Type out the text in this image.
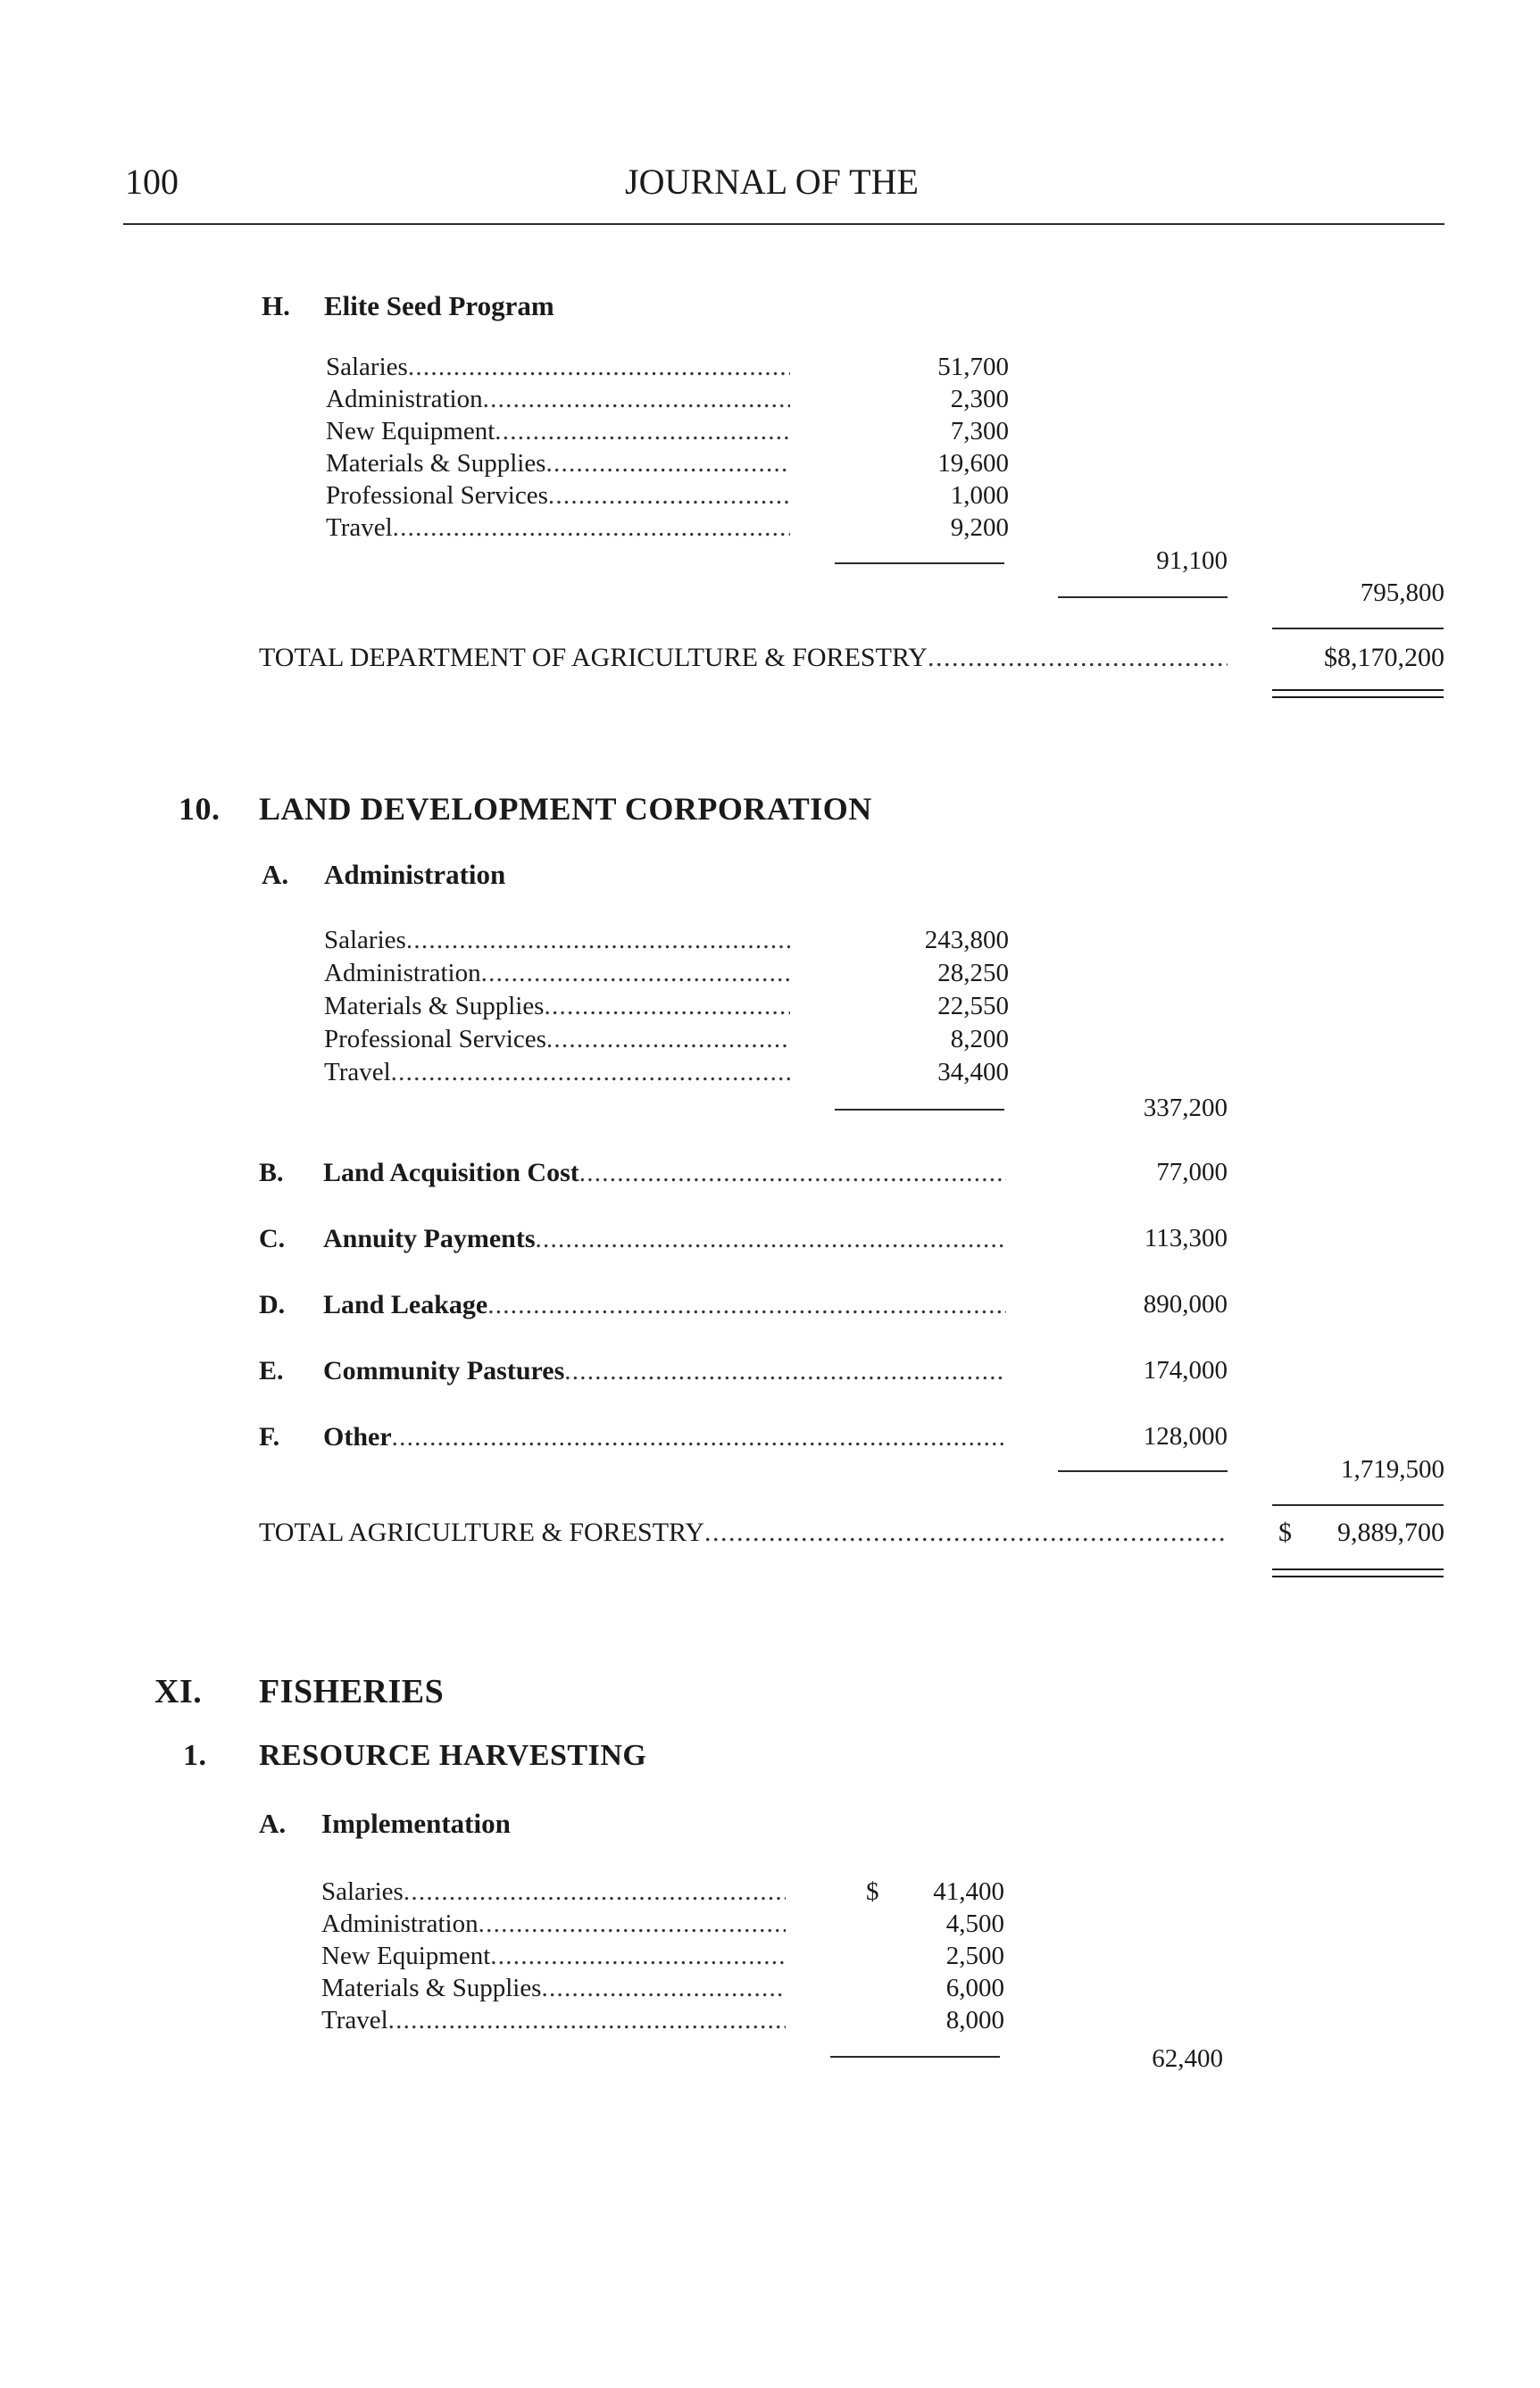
100	JOURNAL OF THE
H. Elite Seed Program
Salaries . . .	51,700
Administration . . .	2,300
New Equipment . . .	7,300
Materials & Supplies . . .	19,600
Professional Services . . .	1,000
Travel . . .	9,200
91,100
795,800
TOTAL DEPARTMENT OF AGRICULTURE & FORESTRY . . .	$8,170,200
10. LAND DEVELOPMENT CORPORATION
A. Administration
Salaries . . .	243,800
Administration . . .	28,250
Materials & Supplies . . .	22,550
Professional Services . . .	8,200
Travel . . .	34,400
337,200
B. Land Acquisition Cost . . .	77,000
C. Annuity Payments . . .	113,300
D. Land Leakage . . .	890,000
E. Community Pastures . . .	174,000
F. Other . . .	128,000
1,719,500
TOTAL AGRICULTURE & FORESTRY . . .	$ 9,889,700
XI. FISHERIES
1. RESOURCE HARVESTING
A. Implementation
$
Salaries . . .	41,400
Administration . . .	4,500
New Equipment . . .	2,500
Materials & Supplies . . .	6,000
Travel . . .	8,000
62,400
